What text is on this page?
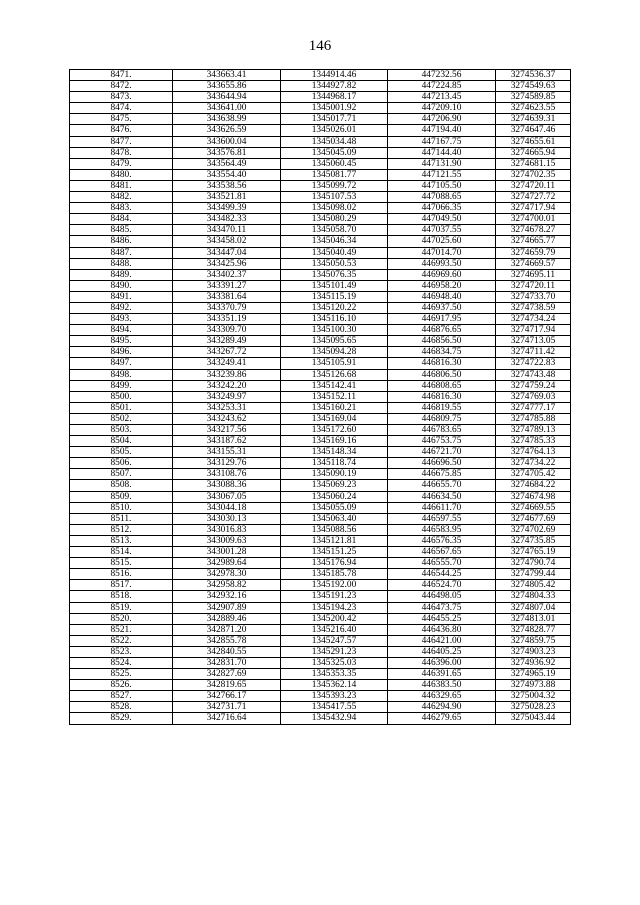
146
8471.	343663.41	1344914.46	447232.56	3274536.37
8472.	343655.86	1344927.82	447224.85	3274549.63
8473.	343644.94	1344968.17	447213.45	3274589.85
8474.	343641.00	1345001.92	447209.10	3274623.55
8475.	343638.99	1345017.71	447206.90	3274639.31
8476.	343626.59	1345026.01	447194.40	3274647.46
8477.	343600.04	1345034.48	447167.75	3274655.61
8478.	343576.81	1345045.09	447144.40	3274665.94
8479.	343564.49	1345060.45	447131.90	3274681.15
8480.	343554.40	1345081.77	447121.55	3274702.35
8481.	343538.56	1345099.72	447105.50	3274720.11
8482.	343521.81	1345107.53	447088.65	3274727.72
8483.	343499.39	1345098.02	447066.35	3274717.94
8484.	343482.33	1345080.29	447049.50	3274700.01
8485.	343470.11	1345058.70	447037.55	3274678.27
8486.	343458.02	1345046.34	447025.60	3274665.77
8487.	343447.04	1345040.49	447014.70	3274659.79
8488.	343425.96	1345050.53	446993.50	3274669.57
8489.	343402.37	1345076.35	446969.60	3274695.11
8490.	343391.27	1345101.49	446958.20	3274720.11
8491.	343381.64	1345115.19	446948.40	3274733.70
8492.	343370.79	1345120.22	446937.50	3274738.59
8493.	343351.19	1345116.10	446917.95	3274734.24
8494.	343309.70	1345100.30	446876.65	3274717.94
8495.	343289.49	1345095.65	446856.50	3274713.05
8496.	343267.72	1345094.28	446834.75	3274711.42
8497.	343249.41	1345105.91	446816.30	3274722.83
8498.	343239.86	1345126.68	446806.50	3274743.48
8499.	343242.20	1345142.41	446808.65	3274759.24
8500.	343249.97	1345152.11	446816.30	3274769.03
8501.	343253.31	1345160.21	446819.55	3274777.17
8502.	343243.62	1345169.04	446809.75	3274785.88
8503.	343217.56	1345172.60	446783.65	3274789.13
8504.	343187.62	1345169.16	446753.75	3274785.33
8505.	343155.31	1345148.34	446721.70	3274764.13
8506.	343129.76	1345118.74	446696.50	3274734.22
8507.	343108.76	1345090.19	446675.85	3274705.42
8508.	343088.36	1345069.23	446655.70	3274684.22
8509.	343067.05	1345060.24	446634.50	3274674.98
8510.	343044.18	1345055.09	446611.70	3274669.55
8511.	343030.13	1345063.40	446597.55	3274677.69
8512.	343016.83	1345088.56	446583.95	3274702.69
8513.	343009.63	1345121.81	446576.35	3274735.85
8514.	343001.28	1345151.25	446567.65	3274765.19
8515.	342989.64	1345176.94	446555.70	3274790.74
8516.	342978.30	1345185.78	446544.25	3274799.44
8517.	342958.82	1345192.00	446524.70	3274805.42
8518.	342932.16	1345191.23	446498.05	3274804.33
8519.	342907.89	1345194.23	446473.75	3274807.04
8520.	342889.46	1345200.42	446455.25	3274813.01
8521.	342871.20	1345216.40	446436.80	3274828.77
8522.	342855.78	1345247.57	446421.00	3274859.75
8523.	342840.55	1345291.23	446405.25	3274903.23
8524.	342831.70	1345325.03	446396.00	3274936.92
8525.	342827.69	1345353.35	446391.65	3274965.19
8526.	342819.65	1345362.14	446383.50	3274973.88
8527.	342766.17	1345393.23	446329.65	3275004.32
8528.	342731.71	1345417.55	446294.90	3275028.23
8529.	342716.64	1345432.94	446279.65	3275043.44
